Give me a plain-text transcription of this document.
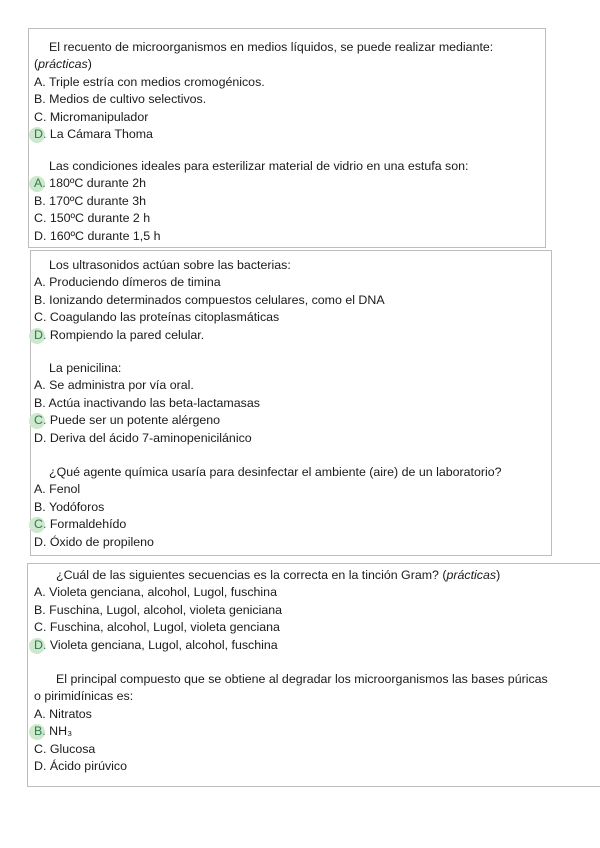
El recuento de microorganismos en medios líquidos, se puede realizar mediante:
(prácticas)
A. Triple estría con medios cromogénicos.
B. Medios de cultivo selectivos.
C. Micromanipulador
D. La Cámara Thoma
Las condiciones ideales para esterilizar material de vidrio en una estufa son:
A. 180ºC durante 2h
B. 170ºC durante 3h
C. 150ºC durante 2 h
D. 160ºC durante 1,5 h
Los ultrasonidos actúan sobre las bacterias:
A. Produciendo dímeros de timina
B. Ionizando determinados compuestos celulares, como el DNA
C. Coagulando las proteínas citoplasmáticas
D. Rompiendo la pared celular.
La penicilina:
A. Se administra por vía oral.
B. Actúa inactivando las beta-lactamasas
C. Puede ser un potente alérgeno
D. Deriva del ácido 7-aminopenicilánico
¿Qué agente química usaría para desinfectar el ambiente (aire) de un laboratorio?
A. Fenol
B. Yodóforos
C. Formaldehído
D. Óxido de propileno
¿Cuál de las siguientes secuencias es la correcta en la tinción Gram? (prácticas)
A. Violeta genciana, alcohol, Lugol, fuschina
B. Fuschina, Lugol, alcohol, violeta geniciana
C. Fuschina, alcohol, Lugol, violeta genciana
D. Violeta genciana, Lugol, alcohol, fuschina
El principal compuesto que se obtiene al degradar los microorganismos las bases púricas
o pirimidínicas es:
A. Nitratos
B. NH₃
C. Glucosa
D. Ácido pirúvico
